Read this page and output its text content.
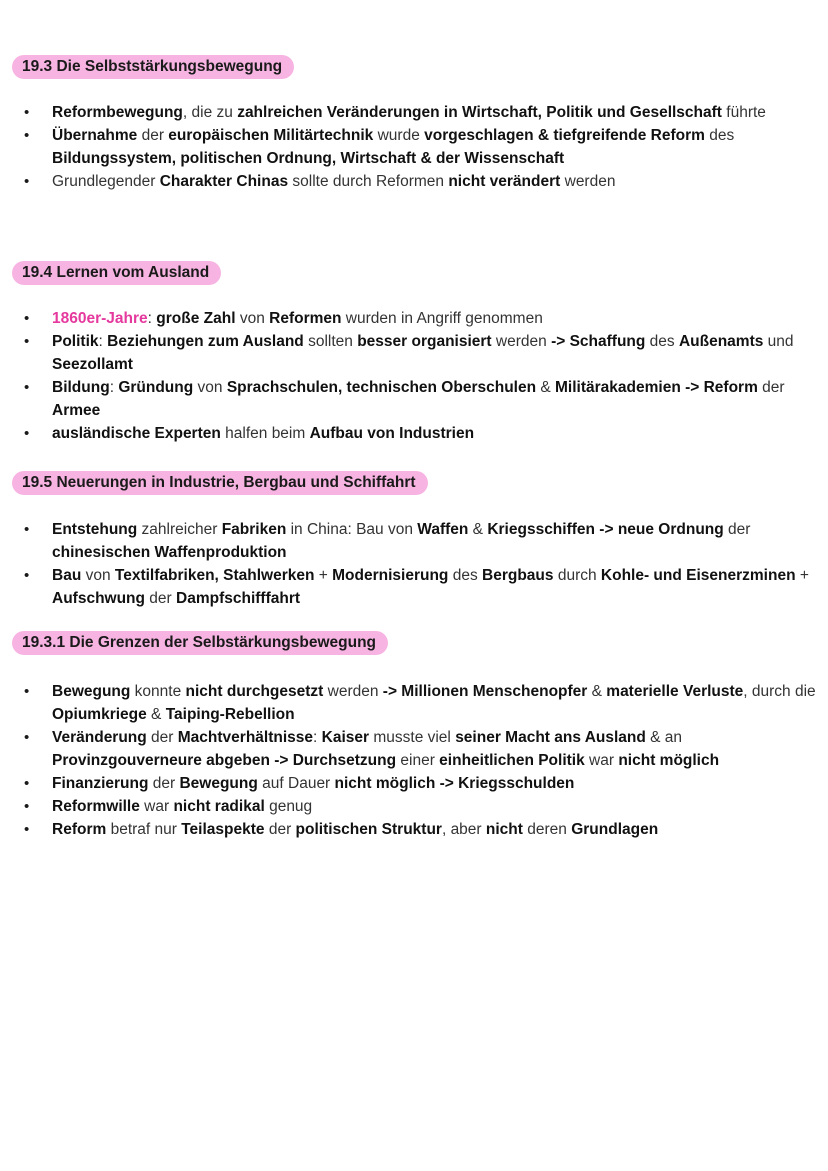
19.3 Die Selbststärkungsbewegung
• Reformbewegung, die zu zahlreichen Veränderungen in Wirtschaft, Politik und Gesellschaft führte
• Übernahme der europäischen Militärtechnik wurde vorgeschlagen & tiefgreifende Reform des Bildungssystem, politischen Ordnung, Wirtschaft & der Wissenschaft
• Grundlegender Charakter Chinas sollte durch Reformen nicht verändert werden
19.4 Lernen vom Ausland
• 1860er-Jahre: große Zahl von Reformen wurden in Angriff genommen
• Politik: Beziehungen zum Ausland sollten besser organisiert werden -> Schaffung des Außenamts und Seezollamt
• Bildung: Gründung von Sprachschulen, technischen Oberschulen & Militärakademien -> Reform der Armee
• ausländische Experten halfen beim Aufbau von Industrien
19.5 Neuerungen in Industrie, Bergbau und Schiffahrt
• Entstehung zahlreicher Fabriken in China: Bau von Waffen & Kriegsschiffen -> neue Ordnung der chinesischen Waffenproduktion
• Bau von Textilfabriken, Stahlwerken + Modernisierung des Bergbaus durch Kohle- und Eisenerzminen + Aufschwung der Dampfschifffahrt
19.3.1 Die Grenzen der Selbstärkungsbewegung
• Bewegung konnte nicht durchgesetzt werden -> Millionen Menschenopfer & materielle Verluste, durch die Opiumkriege & Taiping-Rebellion
• Veränderung der Machtverhältnisse: Kaiser musste viel seiner Macht ans Ausland & an Provinzgouverneure abgeben -> Durchsetzung einer einheitlichen Politik war nicht möglich
• Finanzierung der Bewegung auf Dauer nicht möglich -> Kriegsschulden
• Reformwille war nicht radikal genug
• Reform betraf nur Teilaspekte der politischen Struktur, aber nicht deren Grundlagen
